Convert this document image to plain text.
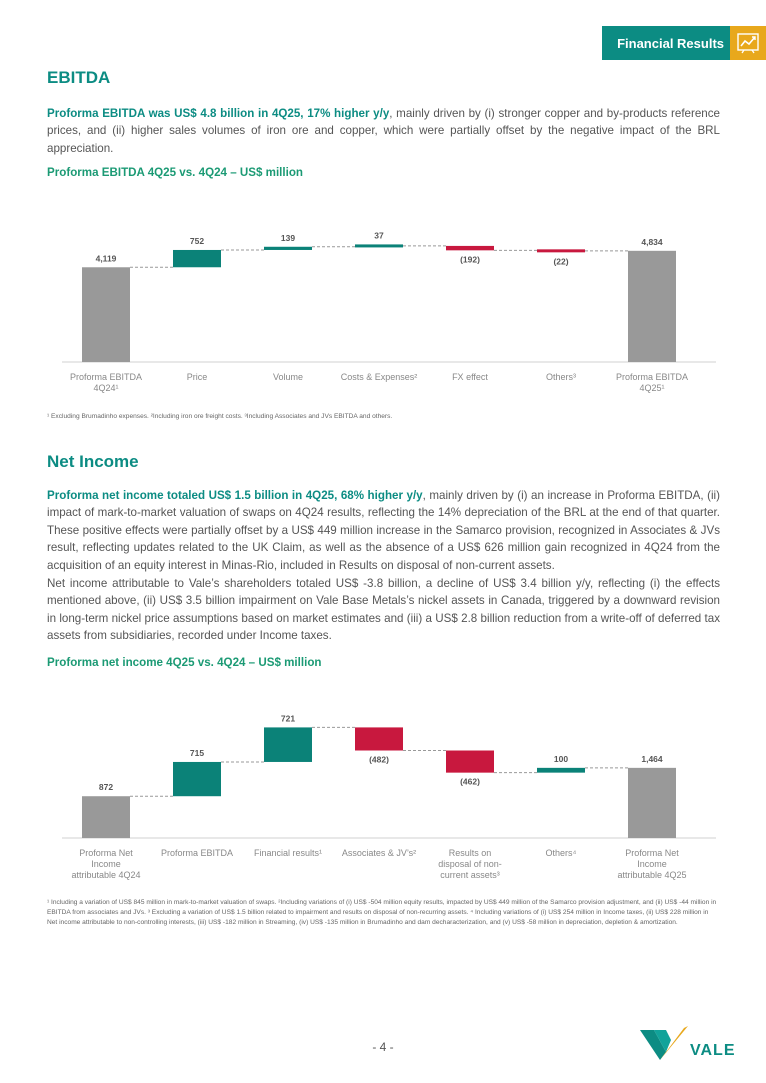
Financial Results
EBITDA

Proforma EBITDA was US$ 4.8 billion in 4Q25, 17% higher y/y, mainly driven by (i) stronger copper and by-products reference prices, and (ii) higher sales volumes of iron ore and copper, which were partially offset by the negative impact of the BRL appreciation.

Proforma EBITDA 4Q25 vs. 4Q24 – US$ million

4,119
Proforma EBITDA 4Q24¹
752
Price
139
Volume
37
Costs & Expenses²
(192)
FX effect
(22)
Others³
4,834
Proforma EBITDA 4Q25¹

¹ Excluding Brumadinho expenses. ²Including iron ore freight costs. ³Including Associates and JVs EBITDA and others.

Net Income

Proforma net income totaled US$ 1.5 billion in 4Q25, 68% higher y/y, mainly driven by (i) an increase in Proforma EBITDA, (ii) impact of mark-to-market valuation of swaps on 4Q24 results, reflecting the 14% depreciation of the BRL at the end of that quarter. These positive effects were partially offset by a US$ 449 million increase in the Samarco provision, recognized in Associates & JVs result, reflecting updates related to the UK Claim, as well as the absence of a US$ 626 million gain recognized in 4Q24 from the acquisition of an equity interest in Minas-Rio, included in Results on disposal of non-current assets.

Net income attributable to Vale’s shareholders totaled US$ -3.8 billion, a decline of US$ 3.4 billion y/y, reflecting (i) the effects mentioned above, (ii) US$ 3.5 billion impairment on Vale Base Metals’s nickel assets in Canada, triggered by a downward revision in long-term nickel price assumptions based on market estimates and (iii) a US$ 2.8 billion reduction from a write-off of deferred tax assets from subsidiaries, recorded under Income taxes.

Proforma net income 4Q25 vs. 4Q24 – US$ million

872
Proforma Net Income attributable 4Q24
715
Proforma EBITDA
721
Financial results¹
(482)
Associates & JV’s²
(462)
Results on disposal of non-current assets³
100
Others⁴
1,464
Proforma Net Income attributable 4Q25

¹ Including a variation of US$ 845 million in mark-to-market valuation of swaps. ²Including variations of (i) US$ -504 million equity results, impacted by US$ 449 million of the Samarco provision adjustment, and (ii) US$ -44 million in EBITDA from associates and JVs. ³ Excluding a variation of US$ 1.5 billion related to impairment and results on disposal of non-recurring assets. ⁴ Including variations of (i) US$ 254 million in Income taxes, (ii) US$ 228 million in Net income attributable to non-controlling interests, (iii) US$ -182 million in Streaming, (iv) US$ -135 million in Brumadinho and dam decharacterization, and (v) US$ -58 million in depreciation, depletion & amortization.

- 4 -	VALE
